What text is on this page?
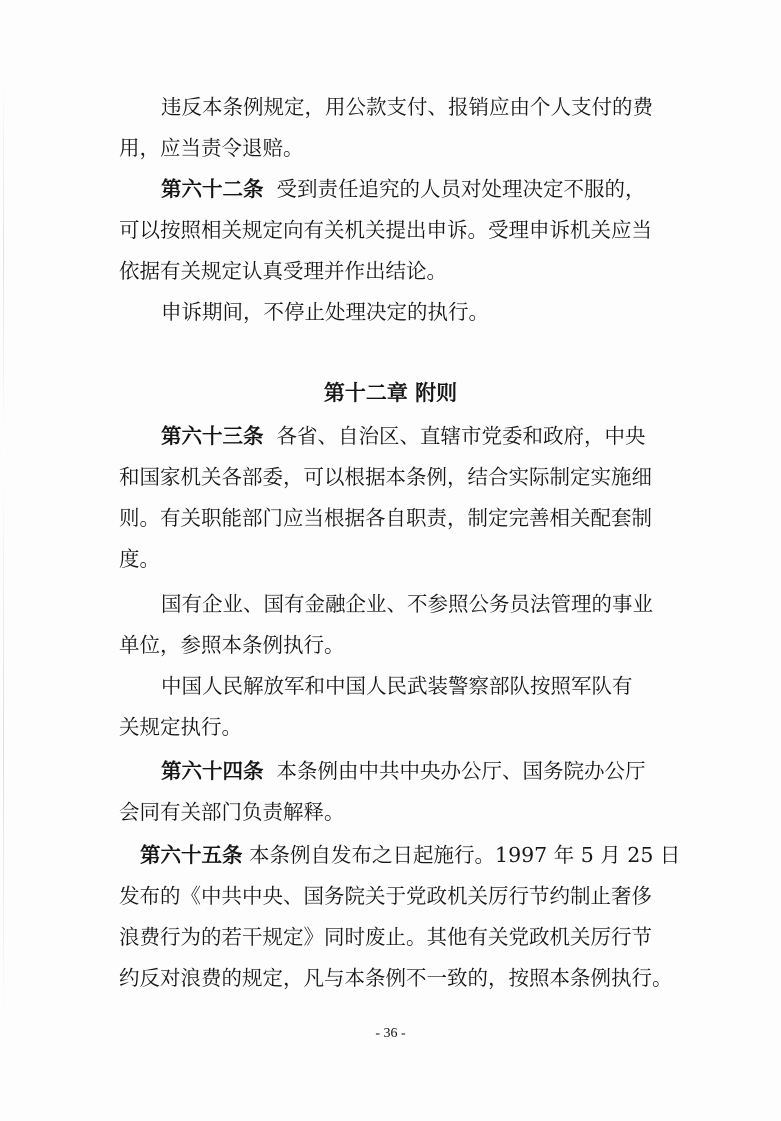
违反本条例规定，用公款支付、报销应由个人支付的费
用，应当责令退赔。
第六十二条 受到责任追究的人员对处理决定不服的，
可以按照相关规定向有关机关提出申诉。受理申诉机关应当
依据有关规定认真受理并作出结论。
申诉期间，不停止处理决定的执行。
第十二章 附则
第六十三条 各省、自治区、直辖市党委和政府，中央
和国家机关各部委，可以根据本条例，结合实际制定实施细
则。有关职能部门应当根据各自职责，制定完善相关配套制
度。
国有企业、国有金融企业、不参照公务员法管理的事业
单位，参照本条例执行。
中国人民解放军和中国人民武装警察部队按照军队有
关规定执行。
第六十四条 本条例由中共中央办公厅、国务院办公厅
会同有关部门负责解释。
第六十五条 本条例自发布之日起施行。1997 年 5 月 25 日
发布的《中共中央、国务院关于党政机关厉行节约制止奢侈
浪费行为的若干规定》同时废止。其他有关党政机关厉行节
约反对浪费的规定，凡与本条例不一致的，按照本条例执行。
- 36 -
